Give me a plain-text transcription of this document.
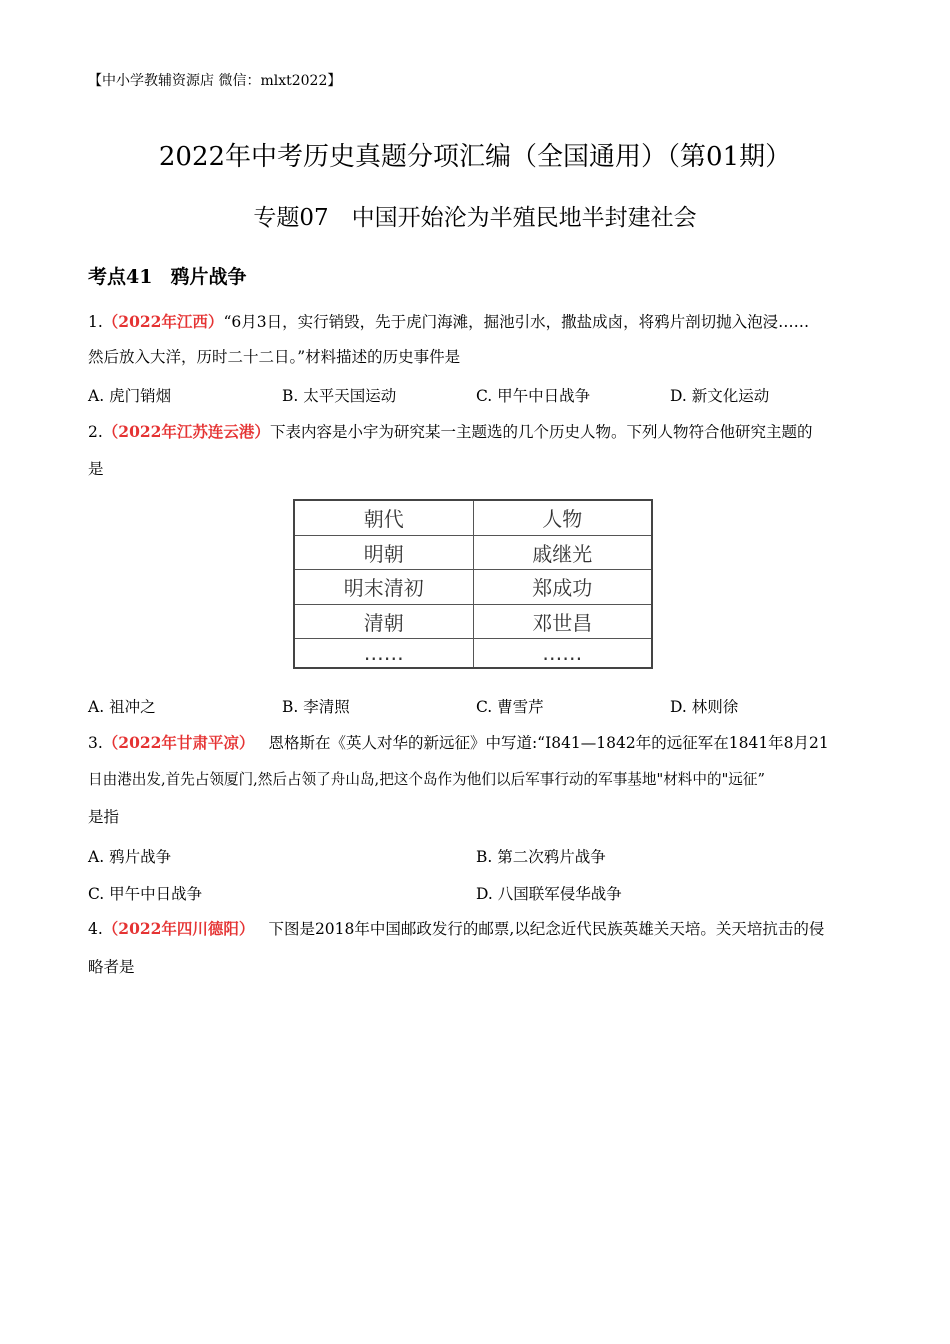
【中小学教辅资源店 微信：mlxt2022】
2022年中考历史真题分项汇编（全国通用）（第01期）
专题07　中国开始沦为半殖民地半封建社会
考点41 鸦片战争
1.（2022年江西）“6月3日，实行销毁，先于虎门海滩，掘池引水，撒盐成卤，将鸦片剖切抛入泡浸……
然后放入大洋，历时二十二日。”材料描述的历史事件是
A. 虎门销烟	B. 太平天国运动	C. 甲午中日战争	D. 新文化运动
2.（2022年江苏连云港）下表内容是小宇为研究某一主题选的几个历史人物。下列人物符合他研究主题的
是
朝代	人物
明朝	戚继光
明末清初	郑成功
清朝	邓世昌
……	……
A. 祖冲之	B. 李清照	C. 曹雪芹	D. 林则徐
3.（2022年甘肃平凉） 恩格斯在《英人对华的新远征》中写道:“I841—1842年的远征军在1841年8月21
日由港出发,首先占领厦门,然后占领了舟山岛,把这个岛作为他们以后军事行动的军事基地"材料中的"远征”
是指
A. 鸦片战争	B. 第二次鸦片战争
C. 甲午中日战争	D. 八国联军侵华战争
4.（2022年四川德阳） 下图是2018年中国邮政发行的邮票,以纪念近代民族英雄关天培。关天培抗击的侵
略者是
